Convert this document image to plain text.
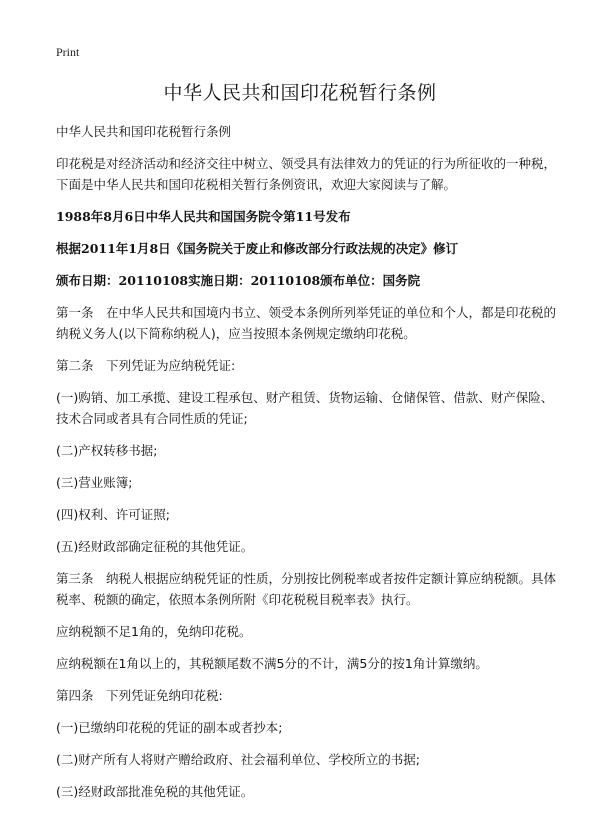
Print
中华人民共和国印花税暂行条例

中华人民共和国印花税暂行条例

印花税是对经济活动和经济交往中树立、领受具有法律效力的凭证的行为所征收的一种税，下面是中华人民共和国印花税相关暂行条例资讯，欢迎大家阅读与了解。

1988年8月6日中华人民共和国国务院令第11号发布

根据2011年1月8日《国务院关于废止和修改部分行政法规的决定》修订

颁布日期：20110108实施日期：20110108颁布单位：国务院

第一条　在中华人民共和国境内书立、领受本条例所列举凭证的单位和个人，都是印花税的纳税义务人(以下简称纳税人)，应当按照本条例规定缴纳印花税。

第二条　下列凭证为应纳税凭证:

(一)购销、加工承揽、建设工程承包、财产租赁、货物运输、仓储保管、借款、财产保险、技术合同或者具有合同性质的凭证;

(二)产权转移书据;

(三)营业账簿;

(四)权利、许可证照;

(五)经财政部确定征税的其他凭证。

第三条　纳税人根据应纳税凭证的性质，分别按比例税率或者按件定额计算应纳税额。具体税率、税额的确定，依照本条例所附《印花税税目税率表》执行。

应纳税额不足1角的，免纳印花税。

应纳税额在1角以上的，其税额尾数不满5分的不计，满5分的按1角计算缴纳。

第四条　下列凭证免纳印花税:

(一)已缴纳印花税的凭证的副本或者抄本;

(二)财产所有人将财产赠给政府、社会福利单位、学校所立的书据;

(三)经财政部批准免税的其他凭证。
